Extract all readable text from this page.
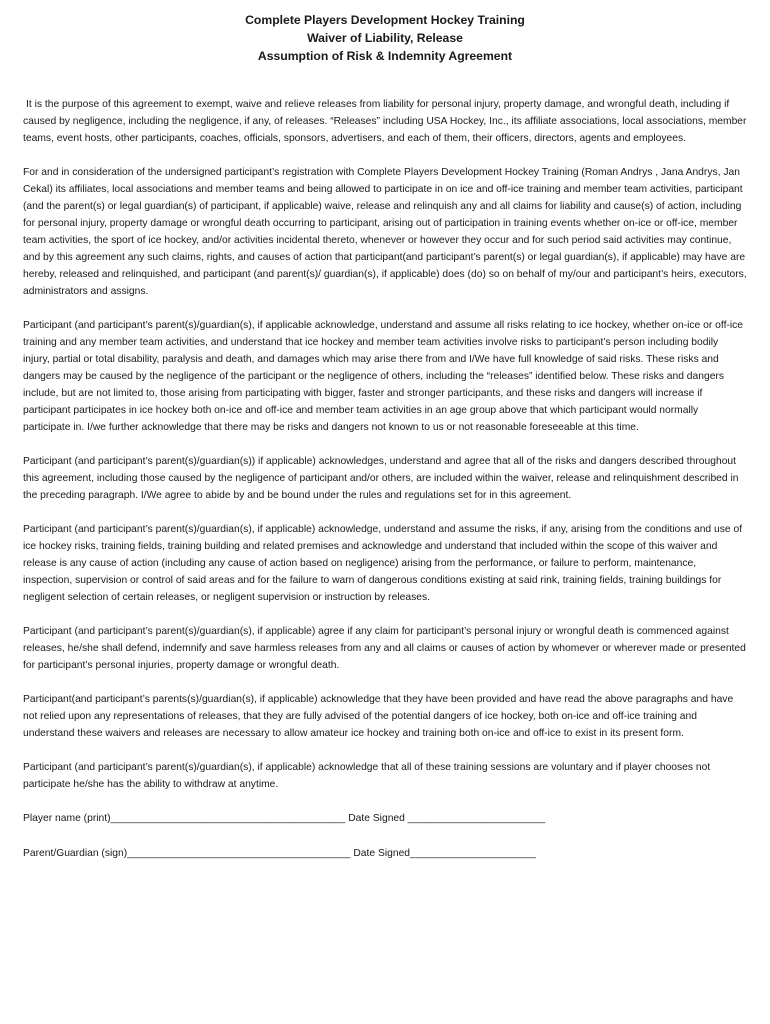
Complete Players Development Hockey Training
Waiver of Liability, Release
Assumption of Risk & Indemnity Agreement

It is the purpose of this agreement to exempt, waive and relieve releases from liability for personal injury, property damage, and wrongful death, including if caused by negligence, including the negligence, if any, of releases. “Releases” including USA Hockey, Inc., its affiliate associations, local associations, member teams, event hosts, other participants, coaches, officials, sponsors, advertisers, and each of them, their officers, directors, agents and employees.

For and in consideration of the undersigned participant’s registration with Complete Players Development Hockey Training (Roman Andrys , Jana Andrys, Jan Cekal) its affiliates, local associations and member teams and being allowed to participate in on ice and off-ice training and member team activities, participant (and the parent(s) or legal guardian(s) of participant, if applicable) waive, release and relinquish any and all claims for liability and cause(s) of action, including for personal injury, property damage or wrongful death occurring to participant, arising out of participation in training events whether on-ice or off-ice, member team activities, the sport of ice hockey, and/or activities incidental thereto, whenever or however they occur and for such period said activities may continue, and by this agreement any such claims, rights, and causes of action that participant(and participant’s parent(s) or legal guardian(s), if applicable) may have are hereby, released and relinquished, and participant (and parent(s)/ guardian(s), if applicable) does (do) so on behalf of my/our and participant’s heirs, executors, administrators and assigns.

Participant (and participant’s parent(s)/guardian(s), if applicable acknowledge, understand and assume all risks relating to ice hockey, whether on-ice or off-ice training and any member team activities, and understand that ice hockey and member team activities involve risks to participant’s person including bodily injury, partial or total disability, paralysis and death, and damages which may arise there from and I/We have full knowledge of said risks. These risks and dangers may be caused by the negligence of the participant or the negligence of others, including the “releases” identified below. These risks and dangers include, but are not limited to, those arising from participating with bigger, faster and stronger participants, and these risks and dangers will increase if participant participates in ice hockey both on-ice and off-ice and member team activities in an age group above that which participant would normally participate in. I/we further acknowledge that there may be risks and dangers not known to us or not reasonable foreseeable at this time.

Participant (and participant’s parent(s)/guardian(s)) if applicable) acknowledges, understand and agree that all of the risks and dangers described throughout this agreement, including those caused by the negligence of participant and/or others, are included within the waiver, release and relinquishment described in the preceding paragraph. I/We agree to abide by and be bound under the rules and regulations set for in this agreement.

Participant (and participant’s parent(s)/guardian(s), if applicable) acknowledge, understand and assume the risks, if any, arising from the conditions and use of ice hockey risks, training fields, training building and related premises and acknowledge and understand that included within the scope of this waiver and release is any cause of action (including any cause of action based on negligence) arising from the performance, or failure to perform, maintenance, inspection, supervision or control of said areas and for the failure to warn of dangerous conditions existing at said rink, training fields, training buildings for negligent selection of certain releases, or negligent supervision or instruction by releases.

Participant (and participant’s parent(s)/guardian(s), if applicable) agree if any claim for participant’s personal injury or wrongful death is commenced against releases, he/she shall defend, indemnify and save harmless releases from any and all claims or causes of action by whomever or wherever made or presented for participant’s personal injuries, property damage or wrongful death.

Participant(and participant’s parents(s)/guardian(s), if applicable) acknowledge that they have been provided and have read the above paragraphs and have not relied upon any representations of releases, that they are fully advised of the potential dangers of ice hockey, both on-ice and off-ice training and understand these waivers and releases are necessary to allow amateur ice hockey and training both on-ice and off-ice to exist in its present form.

Participant (and participant’s parent(s)/guardian(s), if applicable) acknowledge that all of these training sessions are voluntary and if player chooses not participate he/she has the ability to withdraw at anytime.

Player name (print)_________________________________________ Date Signed ________________________

Parent/Guardian (sign)_______________________________________ Date Signed______________________
